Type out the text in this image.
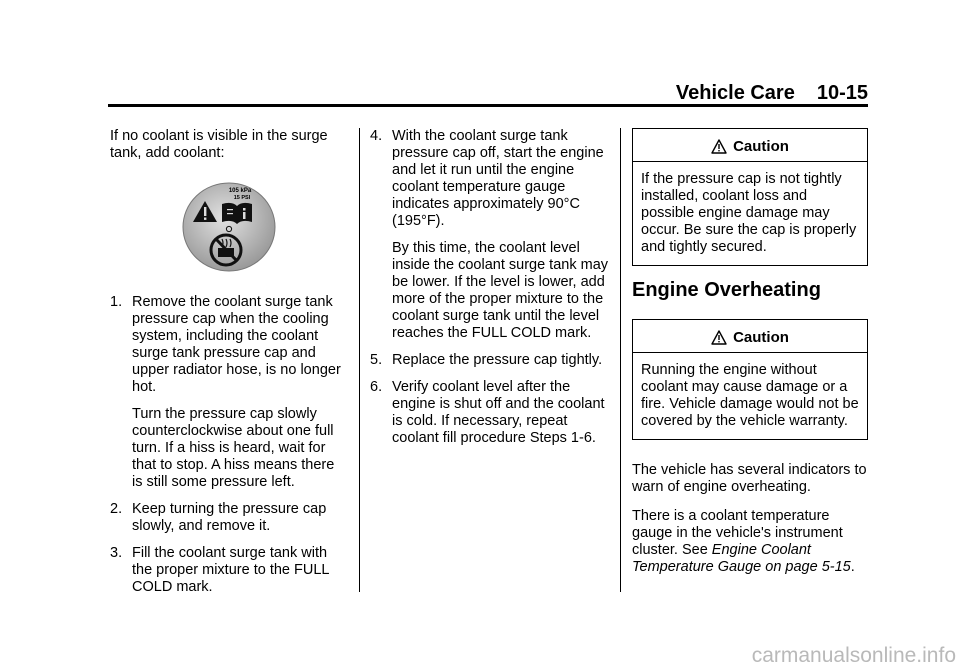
Vehicle Care 10-15

If no coolant is visible in the surge tank, add coolant:

105 kPa
15 PSI
1. Remove the coolant surge tank pressure cap when the cooling system, including the coolant surge tank pressure cap and upper radiator hose, is no longer hot.
Turn the pressure cap slowly counterclockwise about one full turn. If a hiss is heard, wait for that to stop. A hiss means there is still some pressure left.
2. Keep turning the pressure cap slowly, and remove it.
3. Fill the coolant surge tank with the proper mixture to the FULL COLD mark.
4. With the coolant surge tank pressure cap off, start the engine and let it run until the engine coolant temperature gauge indicates approximately 90°C (195°F).
By this time, the coolant level inside the coolant surge tank may be lower. If the level is lower, add more of the proper mixture to the coolant surge tank until the level reaches the FULL COLD mark.
5. Replace the pressure cap tightly.
6. Verify coolant level after the engine is shut off and the coolant is cold. If necessary, repeat coolant fill procedure Steps 1-6.
Caution
If the pressure cap is not tightly installed, coolant loss and possible engine damage may occur. Be sure the cap is properly and tightly secured.
Engine Overheating
Caution
Running the engine without coolant may cause damage or a fire. Vehicle damage would not be covered by the vehicle warranty.

The vehicle has several indicators to warn of engine overheating.

There is a coolant temperature gauge in the vehicle's instrument cluster. See Engine Coolant Temperature Gauge on page 5-15.

carmanualsonline.info
